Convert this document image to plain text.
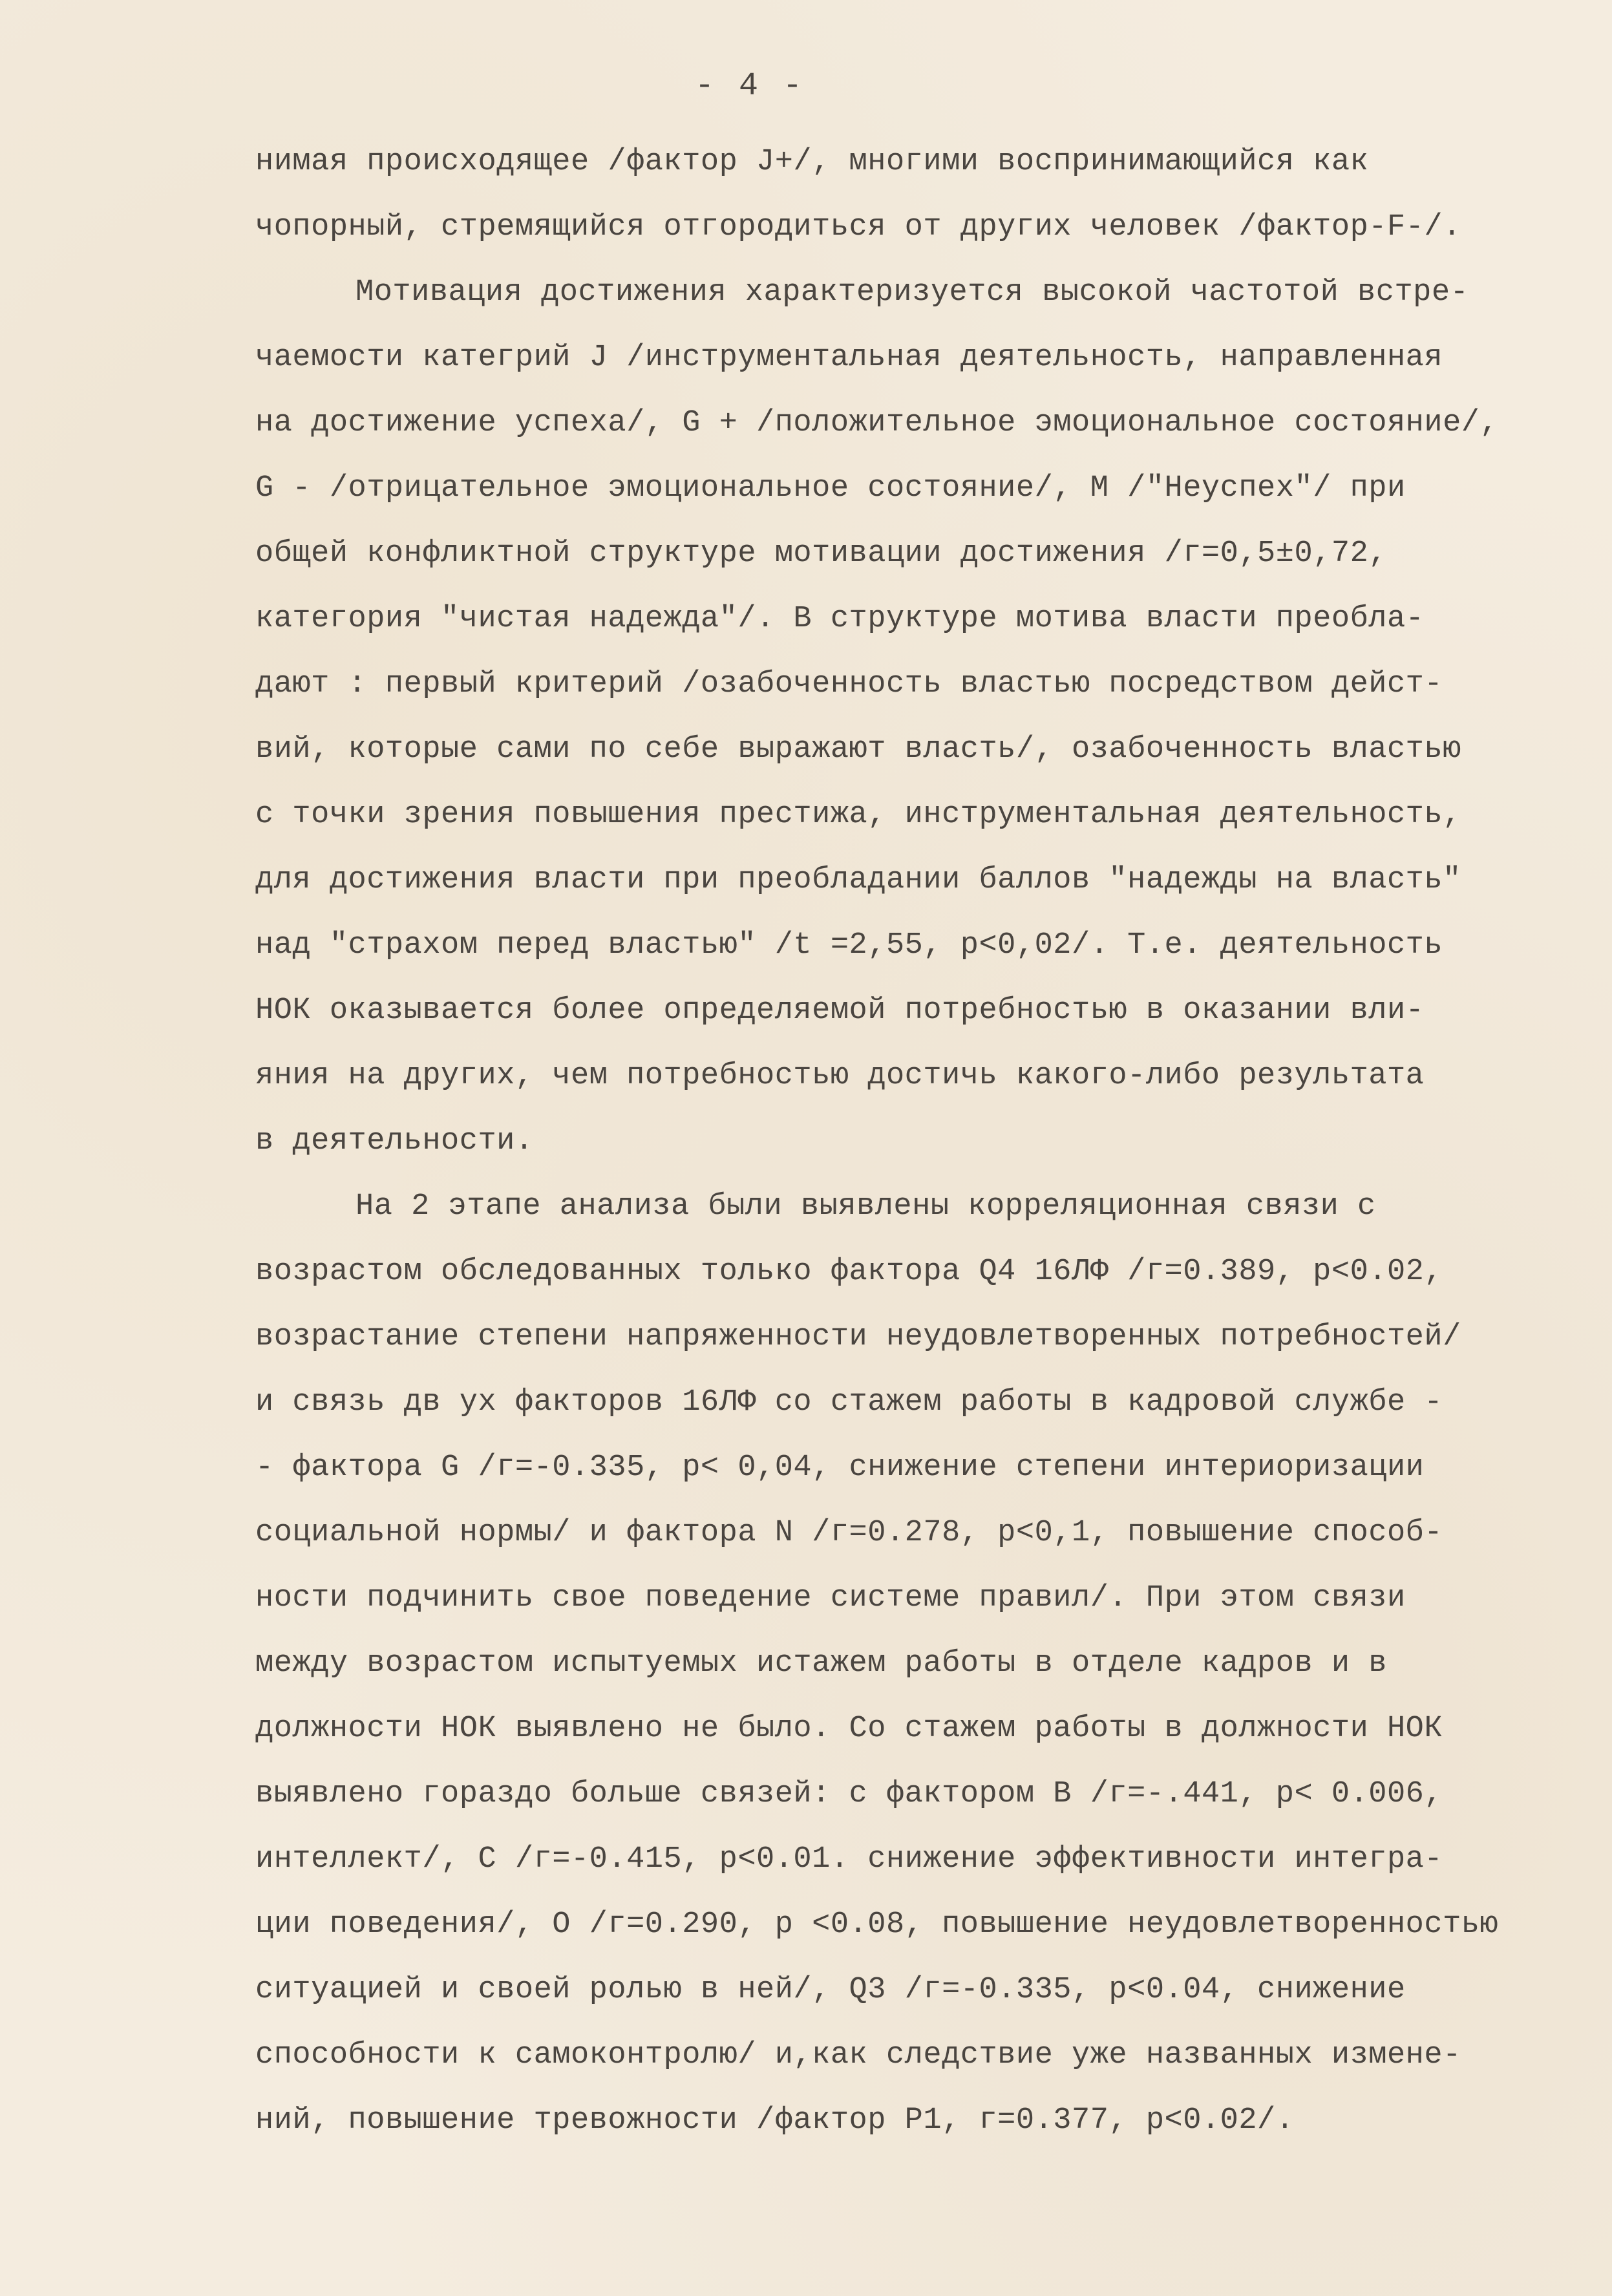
- 4 -
нимая происходящее /фактор J+/, многими воспринимающийся как
чопорный, стремящийся отгородиться от других человек /фактор-F-/.
Мотивация достижения характеризуется высокой частотой встре-
чаемости категрий J /инструментальная деятельность, направленная
на достижение успеха/, G + /положительное эмоциональное состояние/,
G - /отрицательное эмоциональное состояние/, М /"Неуспех"/ при
общей конфликтной структуре мотивации достижения /г=0,5±0,72,
категория "чистая надежда"/. В структуре мотива власти преобла-
дают : первый критерий /озабоченность властью посредством дейст-
вий, которые сами по себе выражают власть/, озабоченность властью
с точки зрения повышения престижа, инструментальная деятельность,
для достижения власти при преобладании баллов "надежды на власть"
над "страхом перед властью" /t =2,55, р<0,02/. Т.е. деятельность
НОК оказывается более определяемой потребностью в оказании вли-
яния на других, чем потребностью достичь какого-либо результата
в деятельности.
На 2 этапе анализа были выявлены корреляционная связи с
возрастом обследованных только фактора Q4 16ЛФ /г=0.389, р<0.02,
возрастание степени напряженности неудовлетворенных потребностей/
и связь дв ух факторов 16ЛФ со стажем работы в кадровой службе -
- фактора G /г=-0.335, р< 0,04, снижение степени интериоризации
социальной нормы/ и фактора N /г=0.278, р<0,1, повышение способ-
ности подчинить свое поведение системе правил/. При этом связи
между возрастом испытуемых истажем работы в отделе кадров и в
должности НОК выявлено не было. Со стажем работы в должности НОК
выявлено гораздо больше связей: с фактором В /г=-.441, р< 0.006,
интеллект/, С /г=-0.415, р<0.01. снижение эффективности интегра-
ции поведения/, О /г=0.290, р <0.08, повышение неудовлетворенностью
ситуацией и своей ролью в ней/, Q3 /г=-0.335, р<0.04, снижение
способности к самоконтролю/ и,как следствие уже названных измене-
ний, повышение тревожности /фактор Р1, г=0.377, р<0.02/.
